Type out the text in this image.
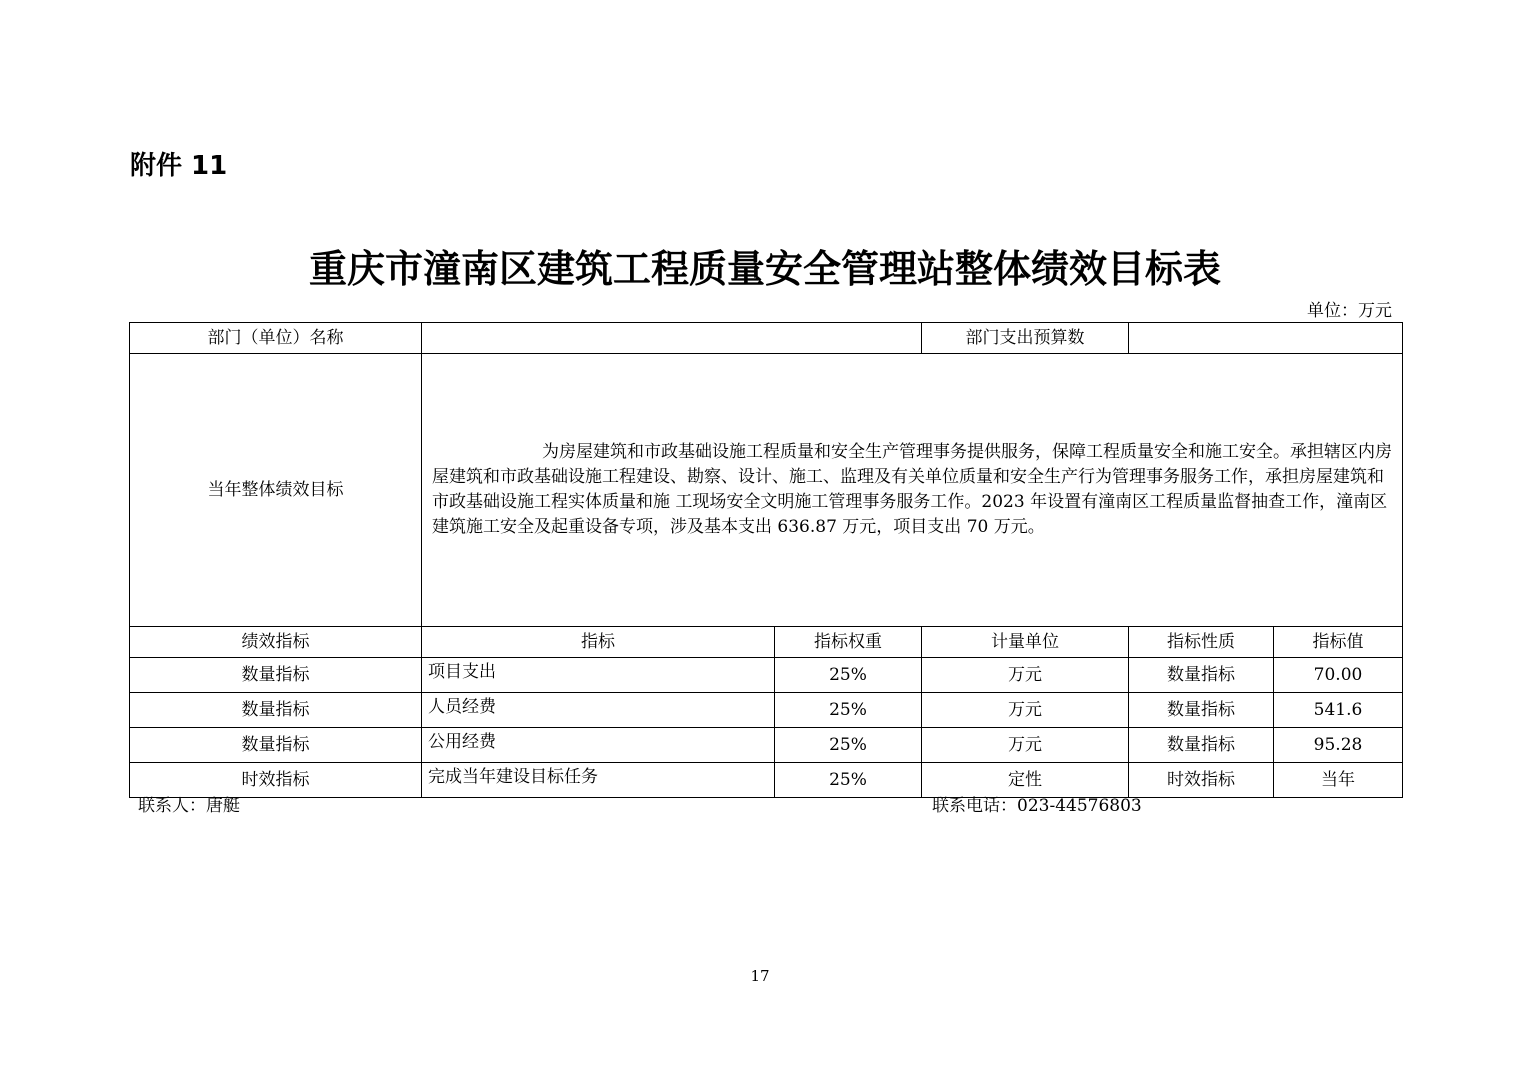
附件 11
重庆市潼南区建筑工程质量安全管理站整体绩效目标表
单位：万元
部门（单位）名称			部门支出预算数		
当年整体绩效目标	为房屋建筑和市政基础设施工程质量和安全生产管理事务提供服务，保障工程质量安全和施工安全。承担辖区内房屋建筑和市政基础设施工程建设、勘察、设计、施工、监理及有关单位质量和安全生产行为管理事务服务工作，承担房屋建筑和市政基础设施工程实体质量和施 工现场安全文明施工管理事务服务工作。2023 年设置有潼南区工程质量监督抽查工作，潼南区建筑施工安全及起重设备专项，涉及基本支出 636.87 万元，项目支出 70 万元。				

绩效指标	指标	指标权重	计量单位	指标性质	指标值
数量指标	项目支出	25%	万元	数量指标	70.00
数量指标	人员经费	25%	万元	数量指标	541.6
数量指标	公用经费	25%	万元	数量指标	95.28
时效指标	完成当年建设目标任务	25%	定性	时效指标	当年
联系人：唐艇	联系电话：023-44576803
17
